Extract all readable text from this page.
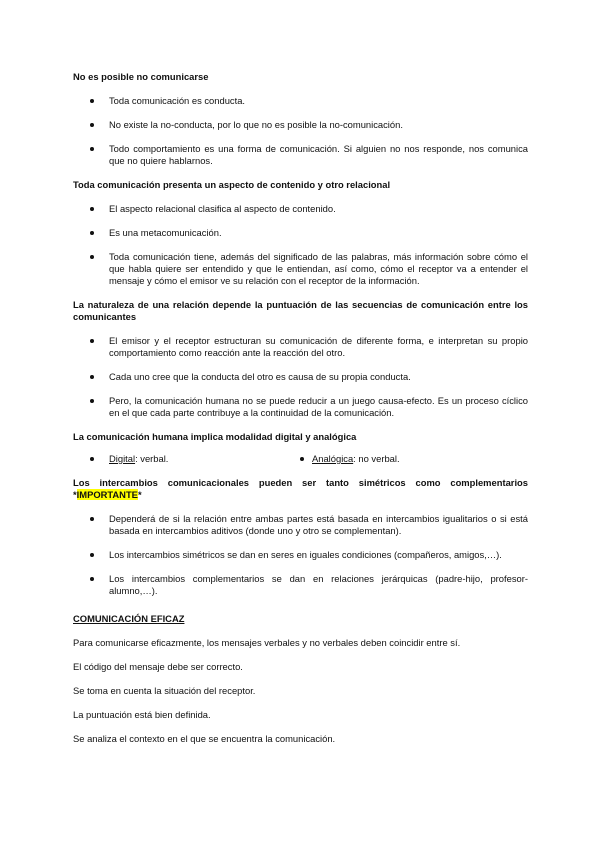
No es posible no comunicarse
Toda comunicación es conducta.
No existe la no-conducta, por lo que no es posible la no-comunicación.
Todo comportamiento es una forma de comunicación. Si alguien no nos responde, nos comunica que no quiere hablarnos.
Toda comunicación presenta un aspecto de contenido y otro relacional
El aspecto relacional clasifica al aspecto de contenido.
Es una metacomunicación.
Toda comunicación tiene, además del significado de las palabras, más información sobre cómo el que habla quiere ser entendido y que le entiendan, así como, cómo el receptor va a entender el mensaje y cómo el emisor ve su relación con el receptor de la información.
La naturaleza de una relación depende la puntuación de las secuencias de comunicación entre los comunicantes
El emisor y el receptor estructuran su comunicación de diferente forma, e interpretan su propio comportamiento como reacción ante la reacción del otro.
Cada uno cree que la conducta del otro es causa de su propia conducta.
Pero, la comunicación humana no se puede reducir a un juego causa-efecto. Es un proceso cíclico en el que cada parte contribuye a la continuidad de la comunicación.
La comunicación humana implica modalidad digital y analógica
Digital: verbal.	Analógica: no verbal.
Los intercambios comunicacionales pueden ser tanto simétricos como complementarios *IMPORTANTE*
Dependerá de si la relación entre ambas partes está basada en intercambios igualitarios o si está basada en intercambios aditivos (donde uno y otro se complementan).
Los intercambios simétricos se dan en seres en iguales condiciones (compañeros, amigos,…).
Los intercambios complementarios se dan en relaciones jerárquicas (padre-hijo, profesor-alumno,…).
COMUNICACIÓN EFICAZ

Para comunicarse eficazmente, los mensajes verbales y no verbales deben coincidir entre sí.

El código del mensaje debe ser correcto.

Se toma en cuenta la situación del receptor.

La puntuación está bien definida.

Se analiza el contexto en el que se encuentra la comunicación.
